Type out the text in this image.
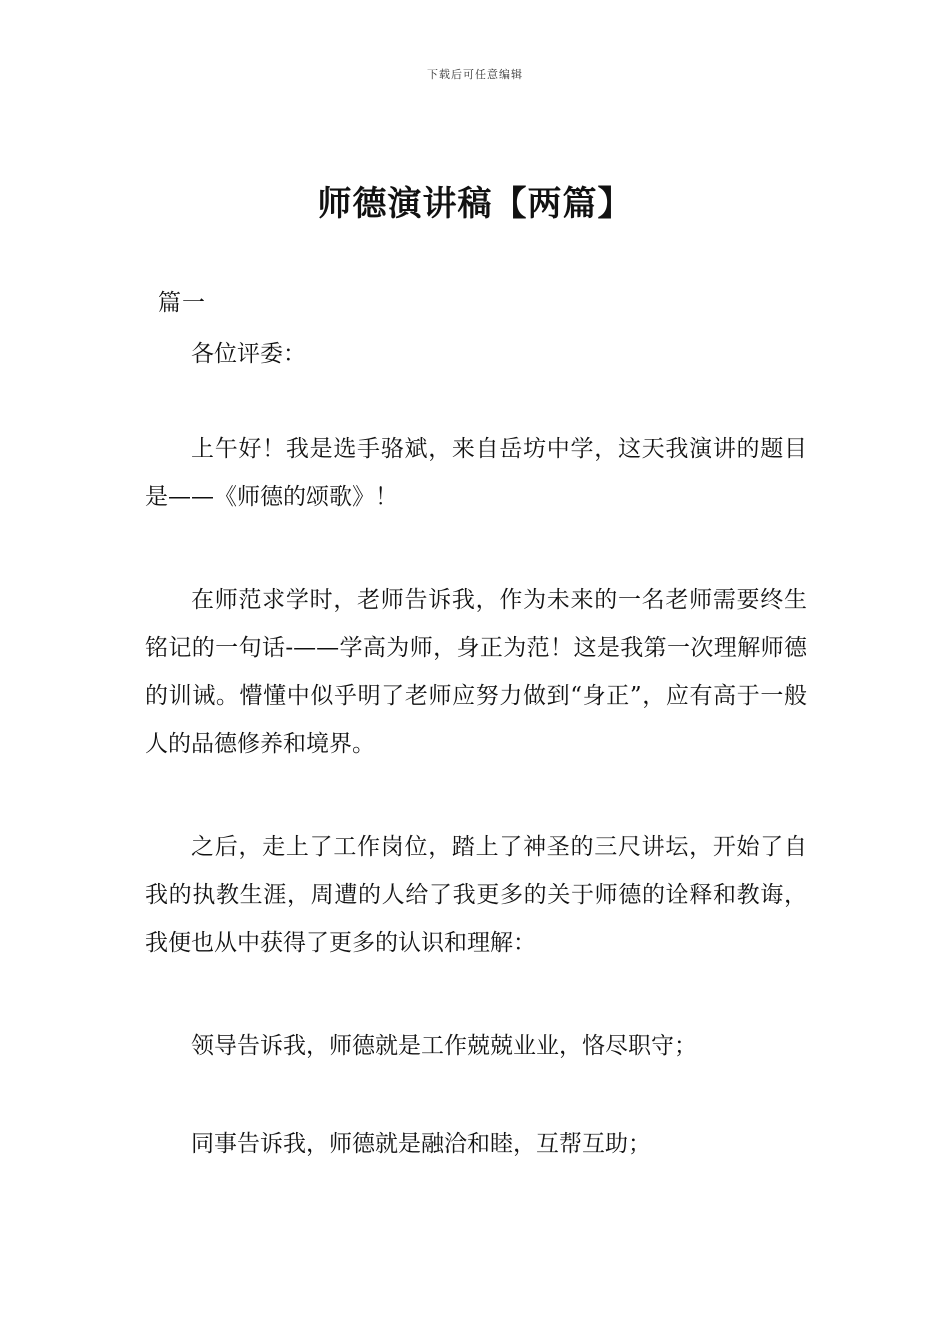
下载后可任意编辑
师德演讲稿【两篇】
篇一

各位评委：

上午好！我是选手骆斌，来自岳坊中学，这天我演讲的题目是——《师德的颂歌》！

在师范求学时，老师告诉我，作为未来的一名老师需要终生铭记的一句话-——学高为师，身正为范！这是我第一次理解师德的训诫。懵懂中似乎明了老师应努力做到“身正”，应有高于一般人的品德修养和境界。

之后，走上了工作岗位，踏上了神圣的三尺讲坛，开始了自我的执教生涯，周遭的人给了我更多的关于师德的诠释和教诲，我便也从中获得了更多的认识和理解：

领导告诉我，师德就是工作兢兢业业，恪尽职守；

同事告诉我，师德就是融洽和睦，互帮互助；
